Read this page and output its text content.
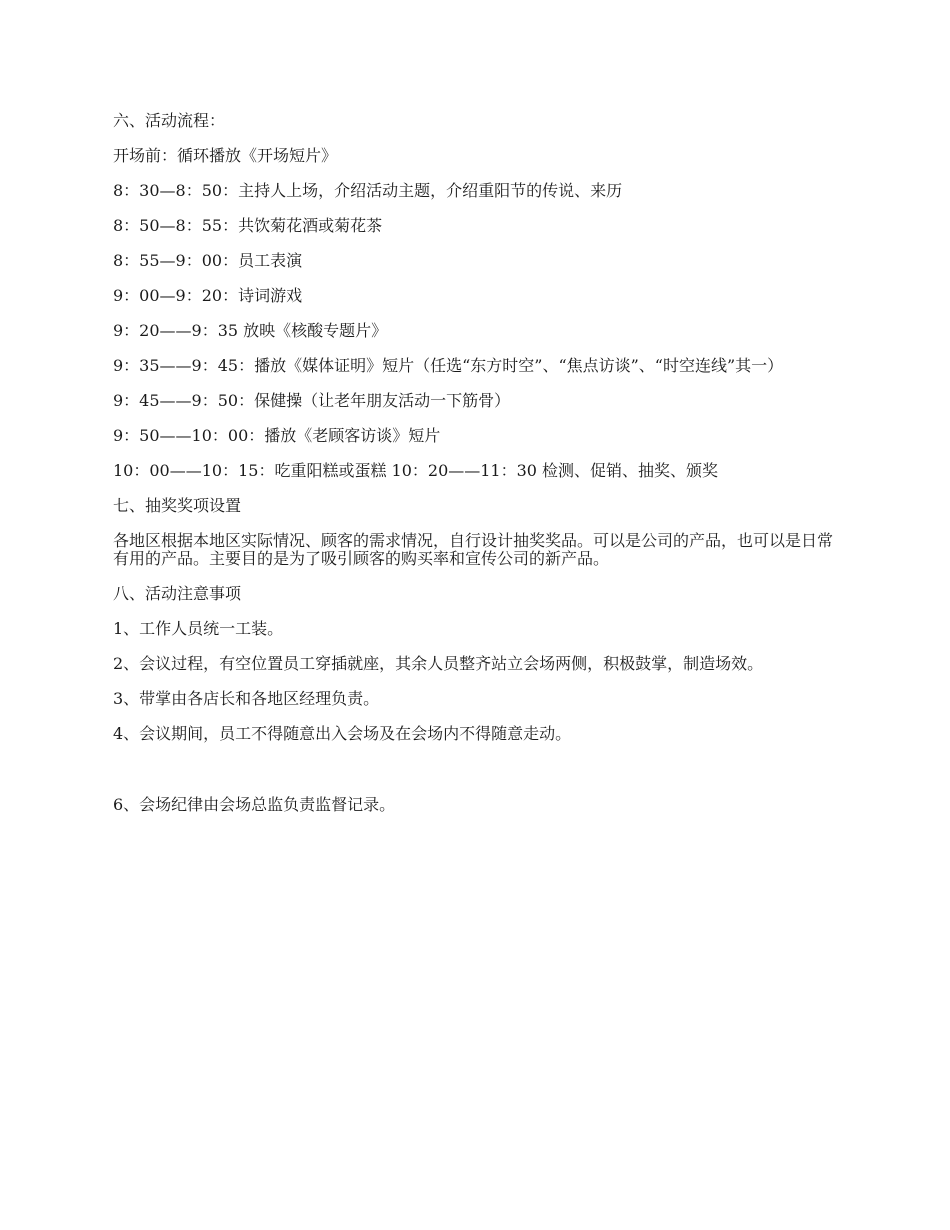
六、活动流程：

开场前：循环播放《开场短片》

8：30—8：50：主持人上场，介绍活动主题，介绍重阳节的传说、来历

8：50—8：55：共饮菊花酒或菊花茶

8：55—9：00：员工表演

9：00—9：20：诗词游戏

9：20——9：35 放映《核酸专题片》

9：35——9：45：播放《媒体证明》短片（任选“东方时空”、“焦点访谈”、“时空连线”其一）

9：45——9：50：保健操（让老年朋友活动一下筋骨）

9：50——10：00：播放《老顾客访谈》短片

10：00——10：15：吃重阳糕或蛋糕 10：20——11：30 检测、促销、抽奖、颁奖

七、抽奖奖项设置

各地区根据本地区实际情况、顾客的需求情况，自行设计抽奖奖品。可以是公司的产品，也可以是日常有用的产品。主要目的是为了吸引顾客的购买率和宣传公司的新产品。

八、活动注意事项

1、工作人员统一工装。

2、会议过程，有空位置员工穿插就座，其余人员整齐站立会场两侧，积极鼓掌，制造场效。

3、带掌由各店长和各地区经理负责。

4、会议期间，员工不得随意出入会场及在会场内不得随意走动。

6、会场纪律由会场总监负责监督记录。
